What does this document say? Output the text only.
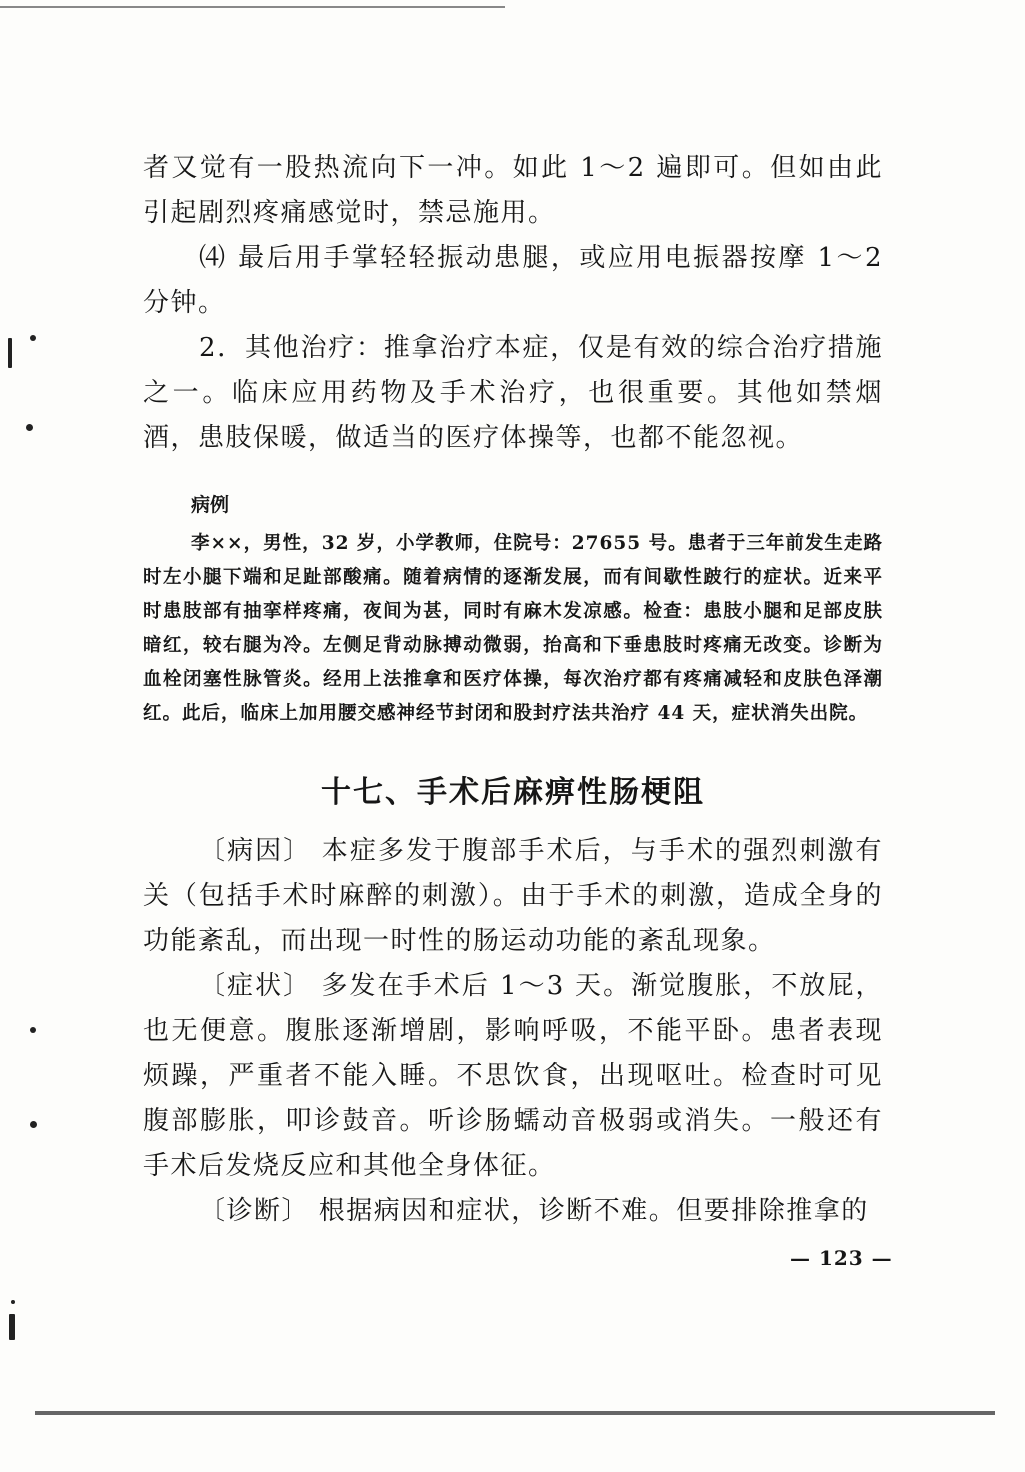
者又觉有一股热流向下一冲。如此 1～2 遍即可。但如由此引起剧烈疼痛感觉时，禁忌施用。

⑷ 最后用手掌轻轻振动患腿，或应用电振器按摩 1～2 分钟。

2．其他治疗：推拿治疗本症，仅是有效的综合治疗措施之一。临床应用药物及手术治疗，也很重要。其他如禁烟酒，患肢保暖，做适当的医疗体操等，也都不能忽视。

病例

李××，男性，32 岁，小学教师，住院号：27655 号。患者于三年前发生走路时左小腿下端和足趾部酸痛。随着病情的逐渐发展，而有间歇性跛行的症状。近来平时患肢部有抽挛样疼痛，夜间为甚，同时有麻木发凉感。检查：患肢小腿和足部皮肤暗红，较右腿为冷。左侧足背动脉搏动微弱，抬高和下垂患肢时疼痛无改变。诊断为血栓闭塞性脉管炎。经用上法推拿和医疗体操，每次治疗都有疼痛减轻和皮肤色泽潮红。此后，临床上加用腰交感神经节封闭和股封疗法共治疗 44 天，症状消失出院。

十七、手术后麻痹性肠梗阻

〔病因〕 本症多发于腹部手术后，与手术的强烈刺激有关（包括手术时麻醉的刺激）。由于手术的刺激，造成全身的功能紊乱，而出现一时性的肠运动功能的紊乱现象。

〔症状〕 多发在手术后 1～3 天。渐觉腹胀，不放屁，也无便意。腹胀逐渐增剧，影响呼吸，不能平卧。患者表现烦躁，严重者不能入睡。不思饮食，出现呕吐。检查时可见腹部膨胀，叩诊鼓音。听诊肠蠕动音极弱或消失。一般还有手术后发烧反应和其他全身体征。

〔诊断〕 根据病因和症状，诊断不难。但要排除推拿的

— 123 —
